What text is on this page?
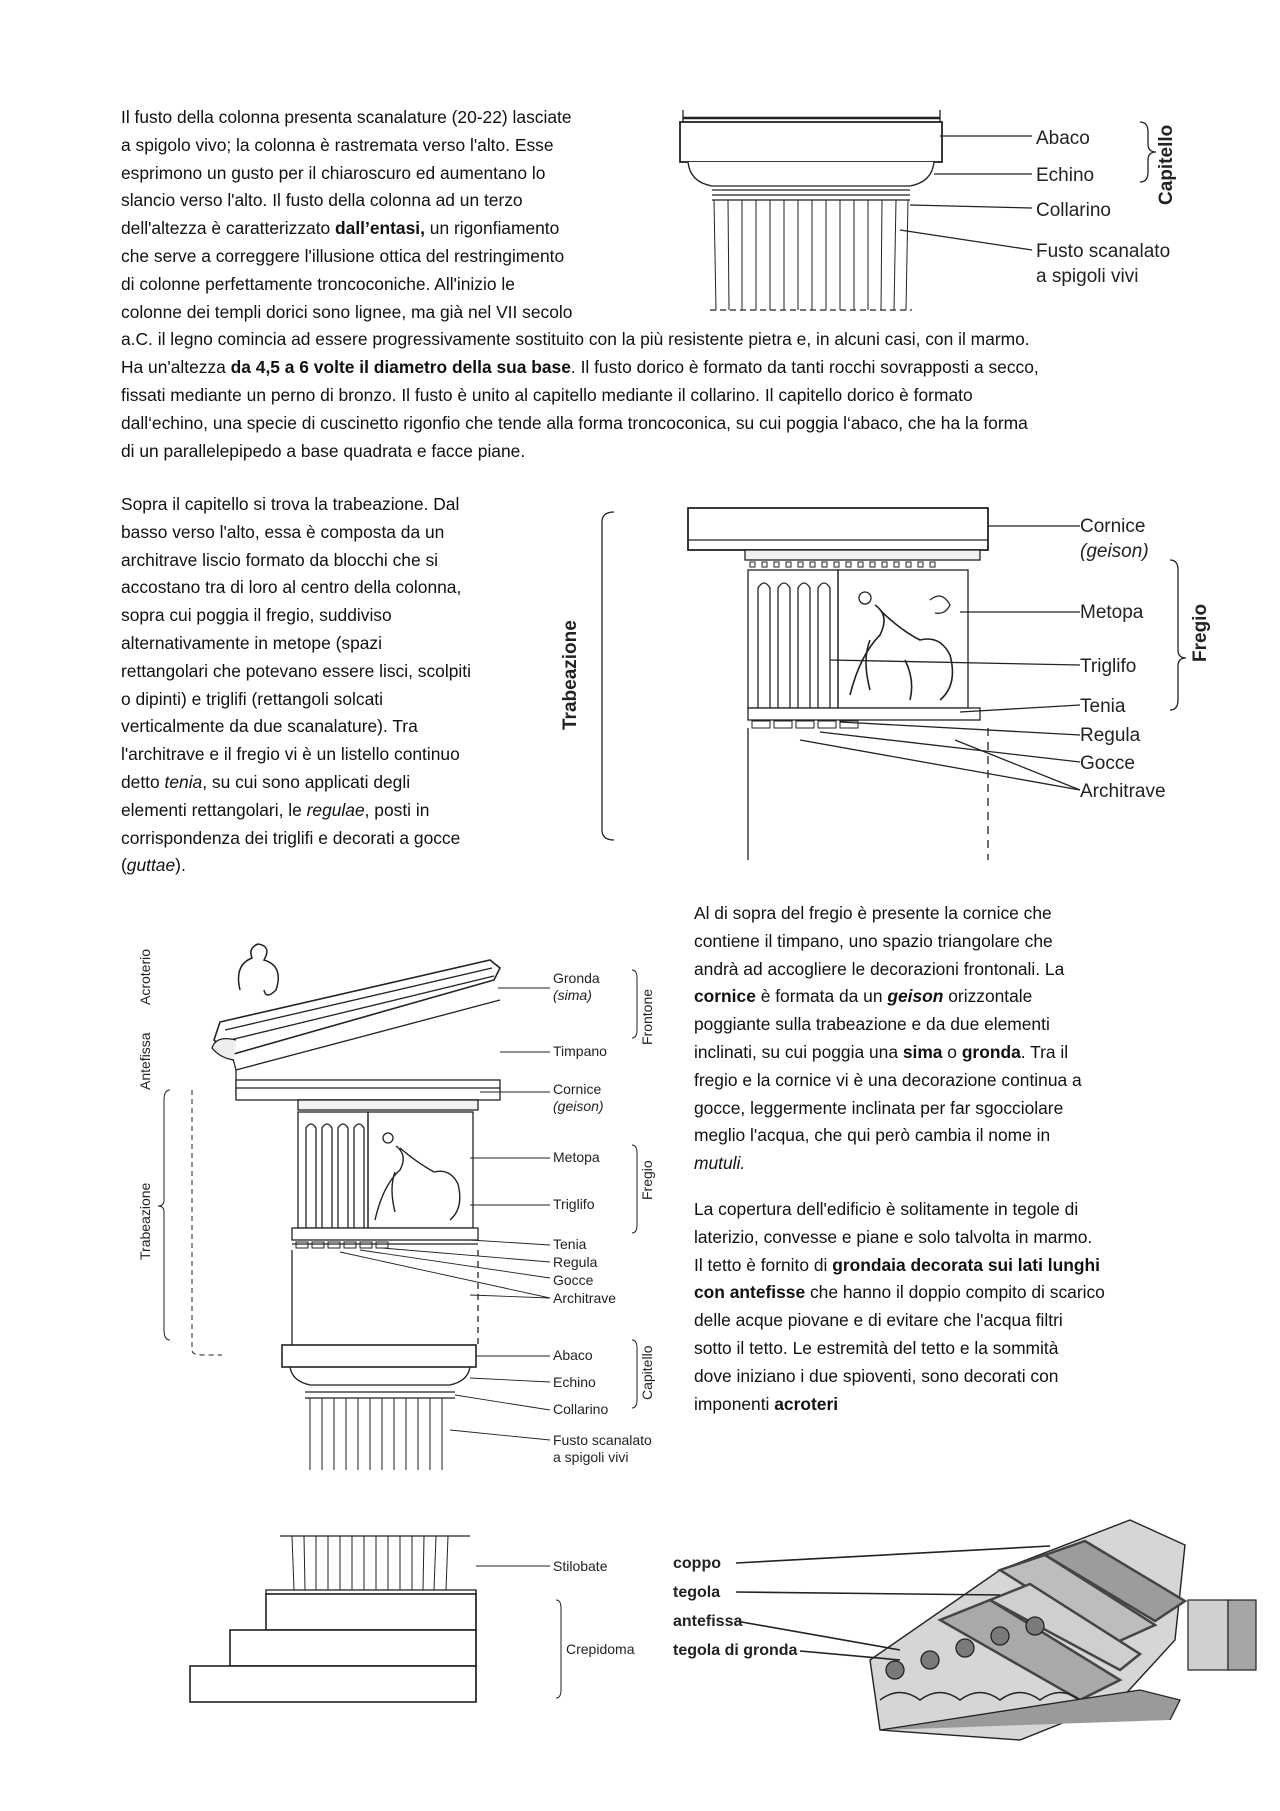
Il fusto della colonna presenta scanalature (20-22) lasciate

a spigolo vivo; la colonna è rastremata verso l'alto. Esse

esprimono un gusto per il chiaroscuro ed aumentano lo

slancio verso l'alto. Il fusto della colonna ad un terzo

dell'altezza è caratterizzato dall’entasi, un rigonfiamento

che serve a correggere l'illusione ottica del restringimento

di colonne perfettamente troncoconiche. All'inizio le

colonne dei templi dorici sono lignee, ma già nel VII secolo

a.C. il legno comincia ad essere progressivamente sostituito con la più resistente pietra e, in alcuni casi, con il marmo.

Ha un'altezza da 4,5 a 6 volte il diametro della sua base. Il fusto dorico è formato da tanti rocchi sovrapposti a secco,

fissati mediante un perno di bronzo. Il fusto è unito al capitello mediante il collarino. Il capitello dorico è formato

dall‘echino, una specie di cuscinetto rigonfio che tende alla forma troncoconica, su cui poggia l‘abaco, che ha la forma

di un parallelepipedo a base quadrata e facce piane.

Sopra il capitello si trova la trabeazione. Dal

basso verso l'alto, essa è composta da un

architrave liscio formato da blocchi che si

accostano tra di loro al centro della colonna,

sopra cui poggia il fregio, suddiviso

alternativamente in metope (spazi

rettangolari che potevano essere lisci, scolpiti

o dipinti) e triglifi (rettangoli solcati

verticalmente da due scanalature). Tra

l'architrave e il fregio vi è un listello continuo

detto tenia, su cui sono applicati degli

elementi rettangolari, le regulae, posti in

corrispondenza dei triglifi e decorati a gocce

(guttae).

Al di sopra del fregio è presente la cornice che

contiene il timpano, uno spazio triangolare che

andrà ad accogliere le decorazioni frontonali. La

cornice è formata da un geison orizzontale

poggiante sulla trabeazione e da due elementi

inclinati, su cui poggia una sima o gronda. Tra il

fregio e la cornice vi è una decorazione continua a

gocce, leggermente inclinata per far sgocciolare

meglio l'acqua, che qui però cambia il nome in

mutuli.

La copertura dell'edificio è solitamente in tegole di

laterizio, convesse e piane e solo talvolta in marmo.

Il tetto è fornito di grondaia decorata sui lati lunghi

con antefisse che hanno il doppio compito di scarico

delle acque piovane e di evitare che l'acqua filtri

sotto il tetto. Le estremità del tetto e la sommità

dove iniziano i due spioventi, sono decorati con

imponenti acroteri

Abaco
Echino
Collarino
Fusto scanalato
a spigoli vivi
Capitello
Cornice
(geison)
Metopa
Triglifo
Tenia
Regula
Gocce
Architrave
Fregio
Trabeazione
Gronda
(sima)
Timpano
Cornice
(geison)
Metopa
Triglifo
Tenia
Regula
Gocce
Architrave
Abaco
Echino
Collarino
Fusto scanalato
a spigoli vivi
Frontone
Fregio
Capitello
Acroterio
Antefissa
Trabeazione
Stilobate
Crepidoma
coppo
tegola
antefissa
tegola di gronda
